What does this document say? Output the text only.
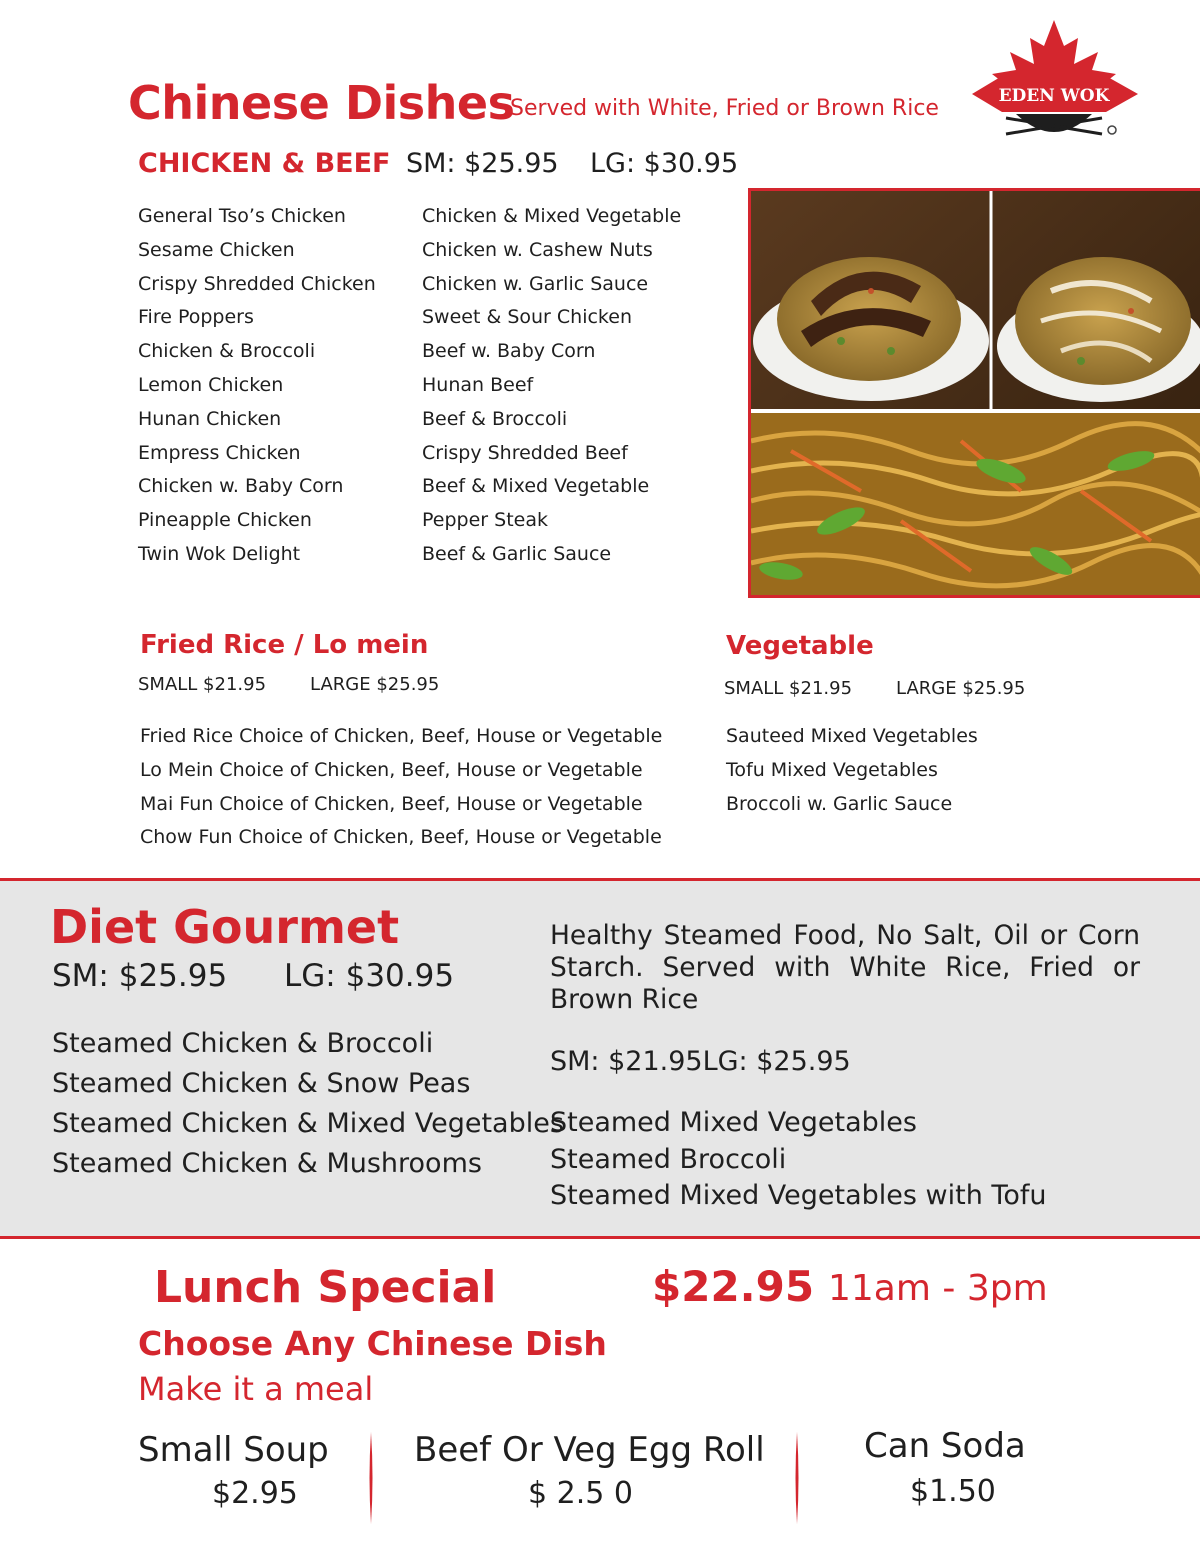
Chinese Dishes
Served with White, Fried or Brown Rice	EDEN WOK
CHICKEN & BEEF SM: $25.95 LG: $30.95
General Tso’s Chicken
Sesame Chicken
Crispy Shredded Chicken
Fire Poppers
Chicken & Broccoli
Lemon Chicken
Hunan Chicken
Empress Chicken
Chicken w. Baby Corn
Pineapple Chicken
Twin Wok Delight
Chicken & Mixed Vegetable
Chicken w. Cashew Nuts
Chicken w. Garlic Sauce
Sweet & Sour Chicken
Beef w. Baby Corn
Hunan Beef
Beef & Broccoli
Crispy Shredded Beef
Beef & Mixed Vegetable
Pepper Steak
Beef & Garlic Sauce
Fried Rice / Lo mein
SMALL $21.95 LARGE $25.95
Fried Rice Choice of Chicken, Beef, House or Vegetable
Lo Mein Choice of Chicken, Beef, House or Vegetable
Mai Fun Choice of Chicken, Beef, House or Vegetable
Chow Fun Choice of Chicken, Beef, House or Vegetable
Vegetable
SMALL $21.95 LARGE $25.95
Sauteed Mixed Vegetables
Tofu Mixed Vegetables
Broccoli w. Garlic Sauce
Diet Gourmet
SM: $25.95 LG: $30.95
Steamed Chicken & Broccoli
Steamed Chicken & Snow Peas
Steamed Chicken & Mixed Vegetables
Steamed Chicken & Mushrooms
Healthy Steamed Food, No Salt, Oil or Corn Starch. Served with White Rice, Fried or Brown Rice
SM: $21.95LG: $25.95
Steamed Mixed Vegetables
Steamed Broccoli
Steamed Mixed Vegetables with Tofu
Lunch Special	$22.95 11am - 3pm
Choose Any Chinese Dish
Make it a meal
Small Soup
$2.95
Beef Or Veg Egg Roll
$ 2.5 0
Can Soda
$1.50
